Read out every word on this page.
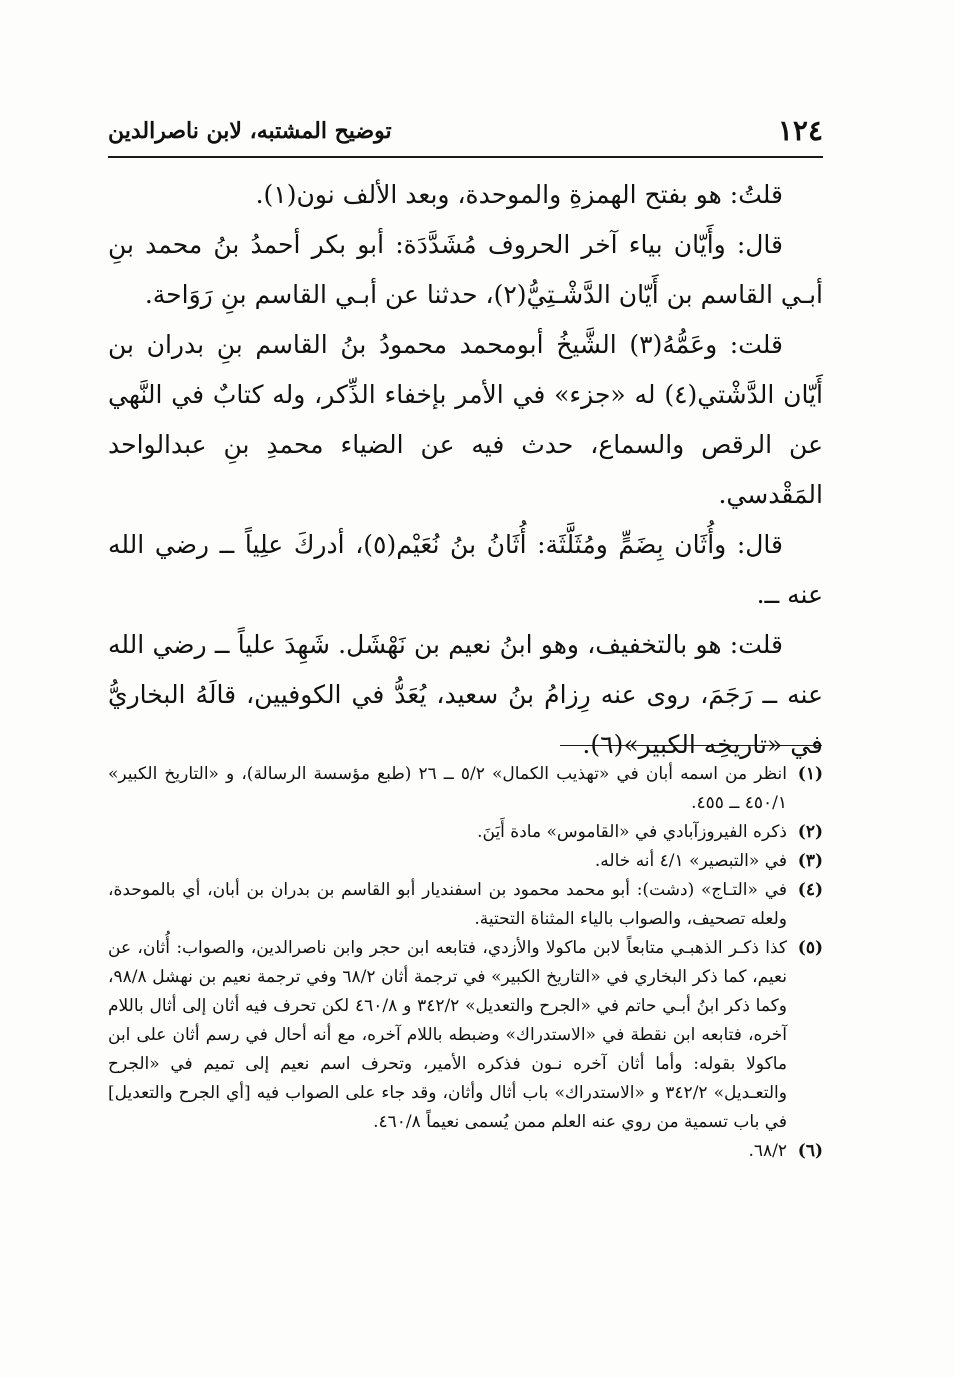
١٢٤
توضيح المشتبه، لابن ناصرالدين

قلتُ: هو بفتح الهمزةِ والموحدة، وبعد الألف نون(١).

قال: وأَيّان بياء آخر الحروف مُشَدَّدَة: أبو بكر أحمدُ بنُ محمد بنِ أبـي القاسم بن أَيّان الدَّشْـتِيُّ(٢)، حدثنا عن أبـي القاسم بنِ رَوَاحة.

قلت: وعَمُّهُ(٣) الشَّيخُ أبومحمد محمودُ بنُ القاسم بنِ بدران بن أَيّان الدَّشْتي(٤) له «جزء» في الأمر بإخفاء الذِّكر، وله كتابٌ في النَّهي عن الرقص والسماع، حدث فيه عن الضياء محمدِ بنِ عبدالواحد المَقْدسي.

قال: وأُثَان بِضَمٍّ ومُثَلَّثَة: أُثَانُ بنُ نُعَيْم(٥)، أدركَ علِياً ــ رضي الله عنه ــ.

قلت: هو بالتخفيف، وهو ابنُ نعيم بن نَهْشَل. شَهِدَ علياً ــ رضي الله عنه ــ رَجَمَ، روى عنه رِزامُ بنُ سعيد، يُعَدُّ في الكوفيين، قالَهُ البخاريُّ في «تاريخِه الكبير»(٦).

(١)
انظر من اسمه أبان في «تهذيب الكمال» ٥/٢ ــ ٢٦ (طبع مؤسسة الرسالة)، و «التاريخ الكبير» ٤٥٠/١ ــ ٤٥٥.
(٢)
ذكره الفيروزآبادي في «القاموس» مادة أَيَنَ.
(٣)
في «التبصير» ٤/١ أنه خاله.
(٤)
في «التـاج» (دشت): أبو محمد محمود بن اسفنديار أبو القاسم بن بدران بن أبان، أي بالموحدة، ولعله تصحيف، والصواب بالياء المثناة التحتية.
(٥)
كذا ذكـر الذهبـي متابعاً لابن ماكولا والأزدي، فتابعه ابن حجر وابن ناصرالدين، والصواب: أُثان، عن نعيم، كما ذكر البخاري في «التاريخ الكبير» في ترجمة أثان ٦٨/٢ وفي ترجمة نعيم بن نهشل ٩٨/٨، وكما ذكر ابنُ أبـي حاتم في «الجرح والتعديل» ٣٤٢/٢ و ٤٦٠/٨ لكن تحرف فيه أثان إلى أثال باللام آخره، فتابعه ابن نقطة في «الاستدراك» وضبطه باللام آخره، مع أنه أحال في رسم أثان على ابن ماكولا بقوله: وأما أثان آخره نـون فذكره الأمير، وتحرف اسم نعيم إلى تميم في «الجرح والتعـديل» ٣٤٢/٢ و «الاستدراك» باب أثال وأثان، وقد جاء على الصواب فيه [أي الجرح والتعديل] في باب تسمية من روي عنه العلم ممن يُسمى نعيماً ٤٦٠/٨.
(٦)
٦٨/٢.
